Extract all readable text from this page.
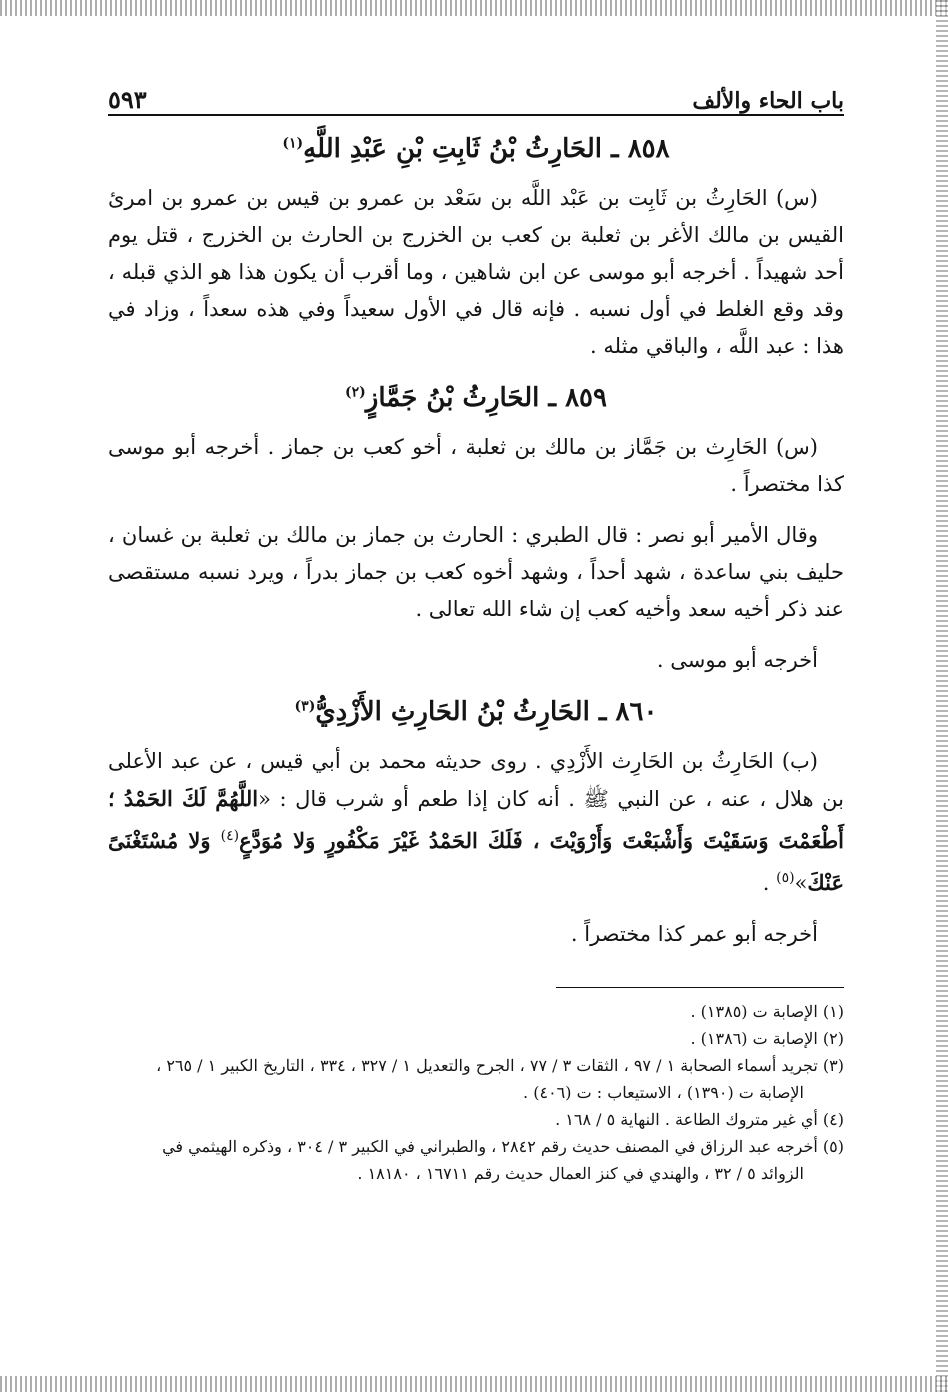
باب الحاء والألف
٥٩٣
٨٥٨ ـ الحَارِثُ بْنُ ثَابِتِ بْنِ عَبْدِ اللَّهِ$^{(١)}$

(س) الحَارِثُ بن ثَابِت بن عَبْد اللَّه بن سَعْد بن عمرو بن قيس بن عمرو بن امرئ القيس بن مالك الأغر بن ثعلبة بن كعب بن الخزرج بن الحارث بن الخزرج ، قتل يوم أحد شهيداً . أخرجه أبو موسى عن ابن شاهين ، وما أقرب أن يكون هذا هو الذي قبله ، وقد وقع الغلط في أول نسبه . فإنه قال في الأول سعيداً وفي هذه سعداً ، وزاد في هذا : عبد اللَّه ، والباقي مثله .

٨٥٩ ـ الحَارِثُ بْنُ جَمَّازٍ$^{(٢)}$

(س) الحَارِث بن جَمَّاز بن مالك بن ثعلبة ، أخو كعب بن جماز . أخرجه أبو موسى كذا مختصراً .

وقال الأمير أبو نصر : قال الطبري : الحارث بن جماز بن مالك بن ثعلبة بن غسان ، حليف بني ساعدة ، شهد أحداً ، وشهد أخوه كعب بن جماز بدراً ، ويرد نسبه مستقصى عند ذكر أخيه سعد وأخيه كعب إن شاء الله تعالى .

أخرجه أبو موسى .

٨٦٠ ـ الحَارِثُ بْنُ الحَارِثِ الأَزْدِيُّ$^{(٣)}$

(ب) الحَارِثُ بن الحَارِث الأَزْدِي . روى حديثه محمد بن أبي قيس ، عن عبد الأعلى بن هلال ، عنه ، عن النبي ﷺ . أنه كان إذا طعم أو شرب قال : «اللَّهُمَّ لَكَ الحَمْدُ ؛ أَطْعَمْتَ وَسَقَيْتَ وَأَشْبَعْتَ وَأَرْوَيْتَ ، فَلَكَ الحَمْدُ غَيْرَ مَكْفُورٍ وَلا مُوَدَّعٍ$^{(٤)}$ وَلا مُسْتَغْنَىً عَنْكَ»$^{(٥)}$ .

أخرجه أبو عمر كذا مختصراً .

(١) الإصابة ت (١٣٨٥) .
(٢) الإصابة ت (١٣٨٦) .
(٣) تجريد أسماء الصحابة ١ / ٩٧ ، الثقات ٣ / ٧٧ ، الجرح والتعديل ١ / ٣٢٧ ، ٣٣٤ ، التاريخ الكبير ١ / ٢٦٥ ،
الإصابة ت (١٣٩٠) ، الاستيعاب : ت (٤٠٦) .
(٤) أي غير متروك الطاعة . النهاية ٥ / ١٦٨ .
(٥) أخرجه عبد الرزاق في المصنف حديث رقم ٢٨٤٢ ، والطبراني في الكبير ٣ / ٣٠٤ ، وذكره الهيثمي في
الزوائد ٥ / ٣٢ ، والهندي في كنز العمال حديث رقم ١٦٧١١ ، ١٨١٨٠ .
